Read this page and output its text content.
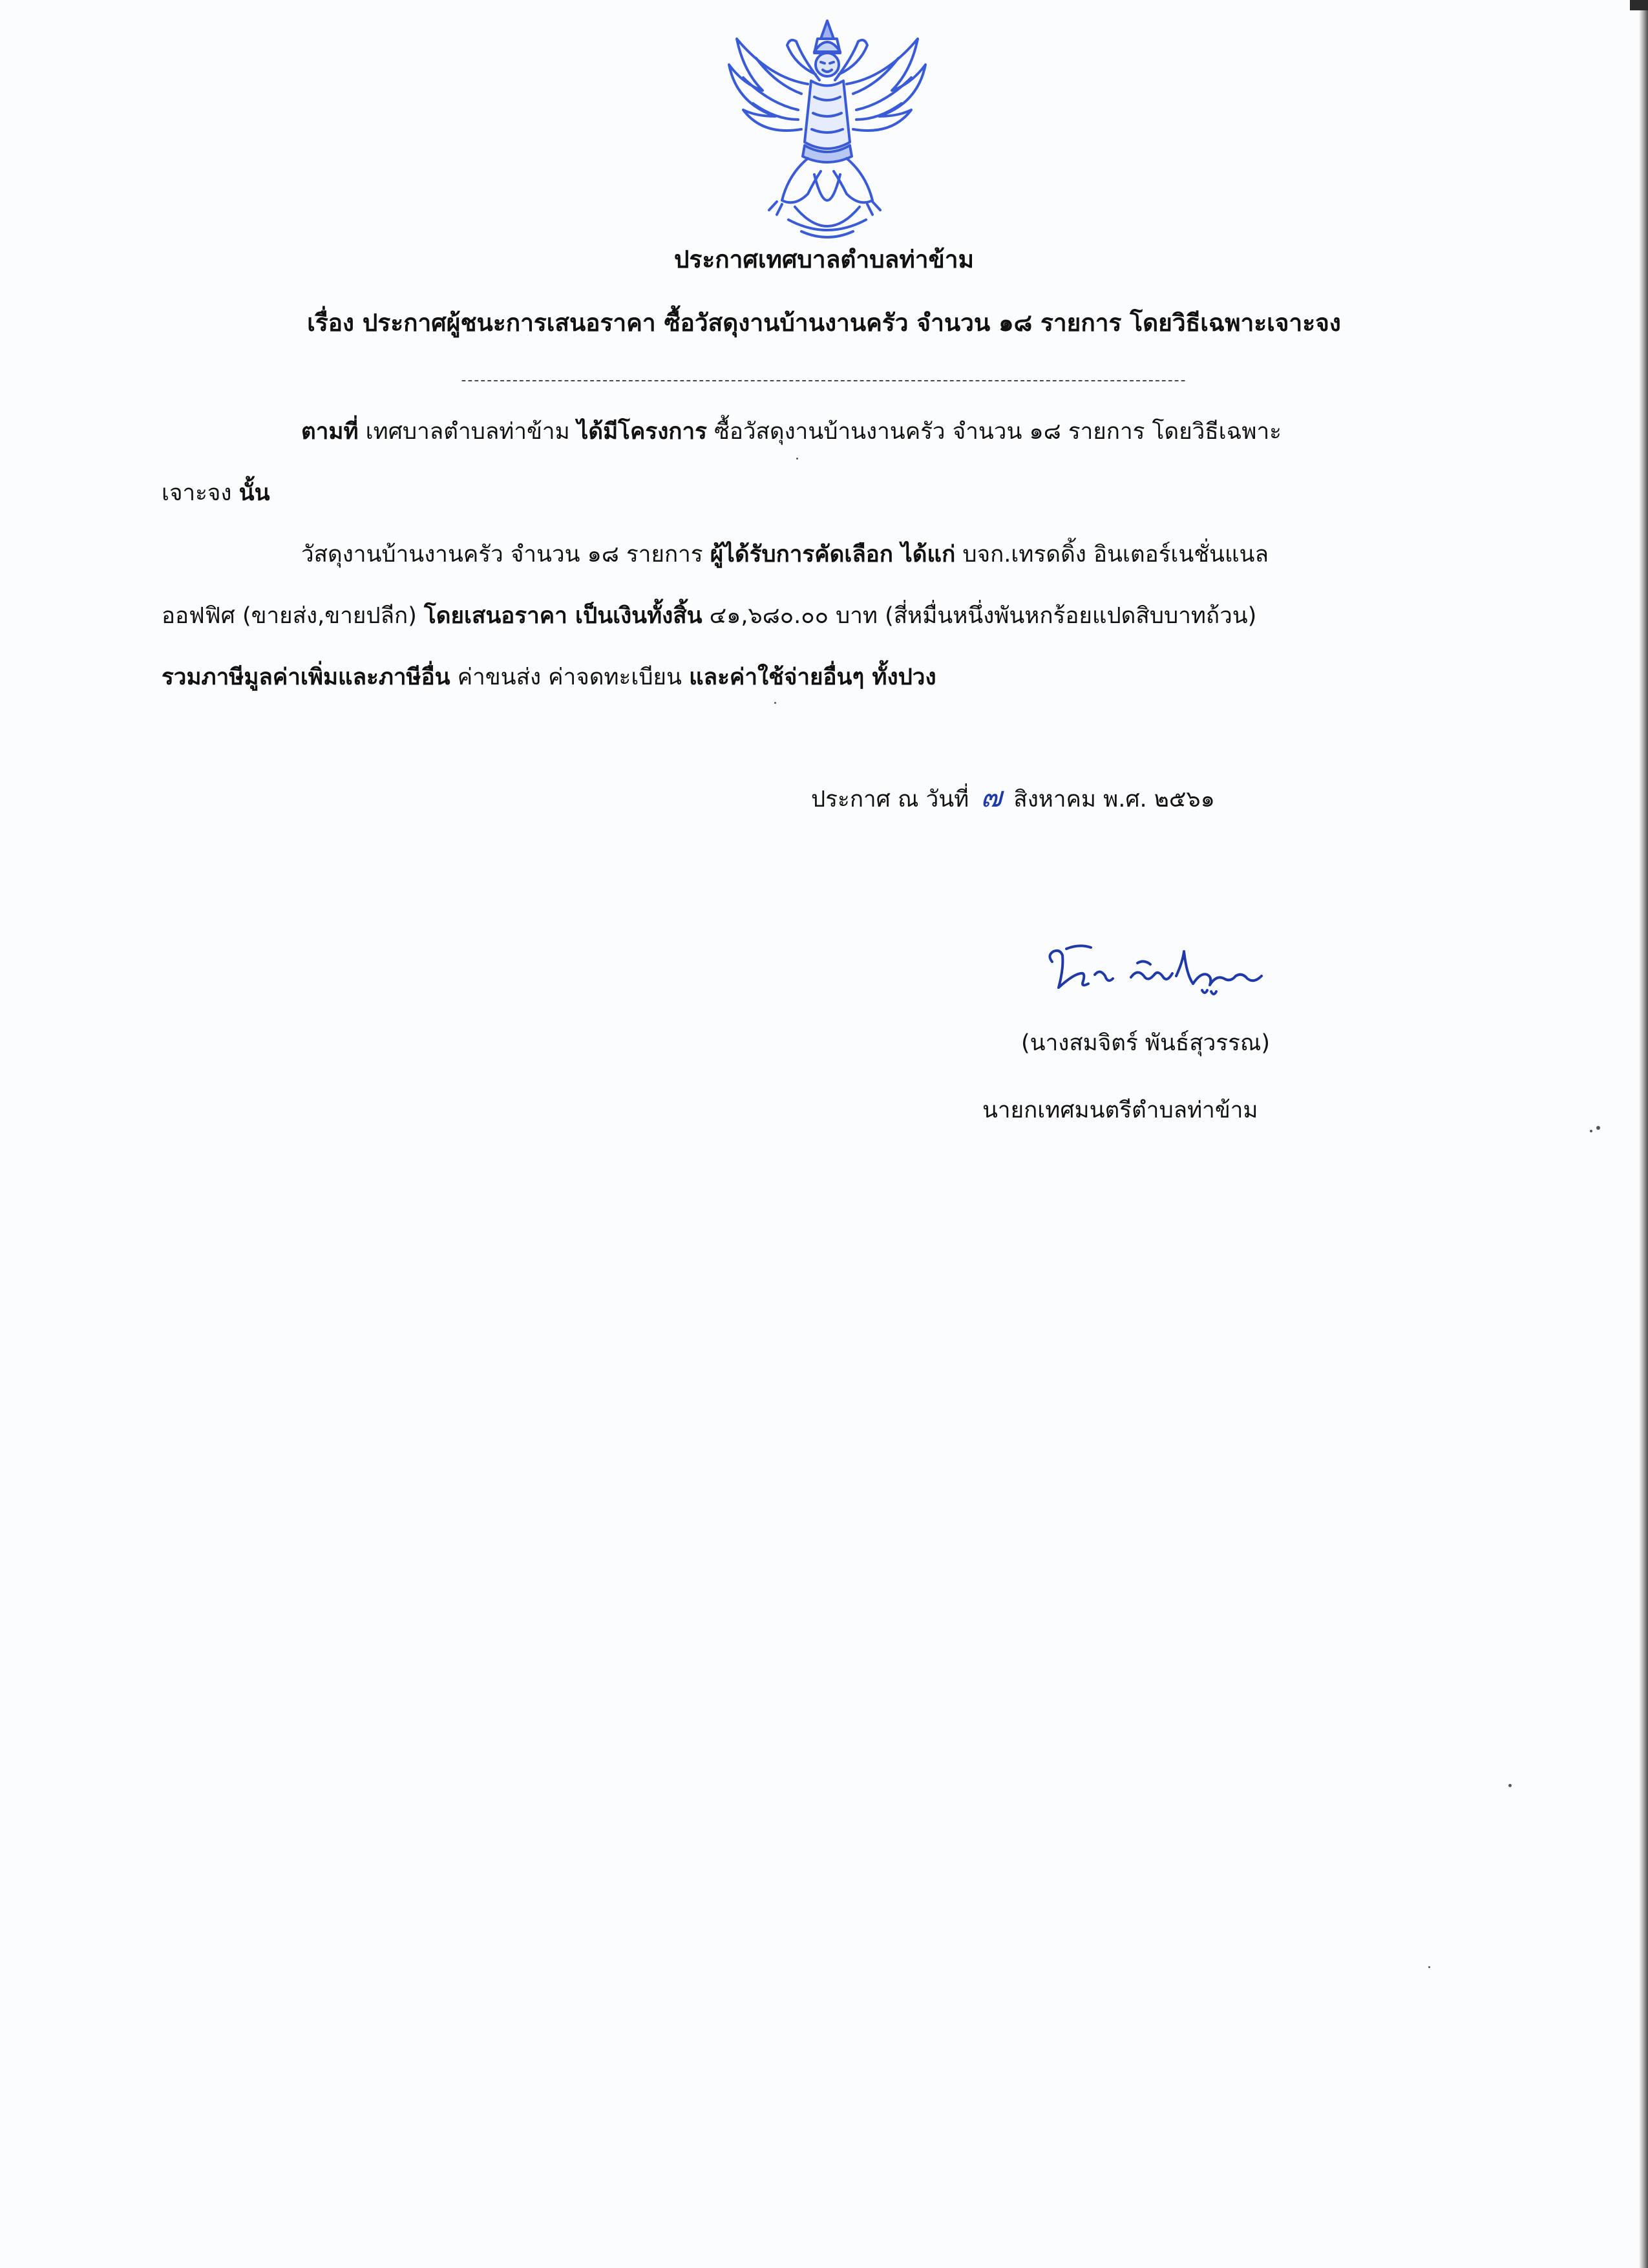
ประกาศเทศบาลตำบลท่าข้าม
เรื่อง ประกาศผู้ชนะการเสนอราคา ซื้อวัสดุงานบ้านงานครัว จำนวน ๑๘ รายการ โดยวิธีเฉพาะเจาะจง
-----------------------------------------------------------------------------------------------------------------
ตามที่ เทศบาลตำบลท่าข้าม ได้มีโครงการ ซื้อวัสดุงานบ้านงานครัว จำนวน ๑๘ รายการ โดยวิธีเฉพาะ
เจาะจง นั้น
วัสดุงานบ้านงานครัว จำนวน ๑๘ รายการ ผู้ได้รับการคัดเลือก ได้แก่ บจก.เทรดดิ้ง อินเตอร์เนชั่นแนล
ออฟฟิศ (ขายส่ง,ขายปลีก) โดยเสนอราคา เป็นเงินทั้งสิ้น ๔๑,๖๘๐.๐๐ บาท (สี่หมื่นหนึ่งพันหกร้อยแปดสิบบาทถ้วน)
รวมภาษีมูลค่าเพิ่มและภาษีอื่น ค่าขนส่ง ค่าจดทะเบียน และค่าใช้จ่ายอื่นๆ ทั้งปวง
ประกาศ ณ วันที่ ๗ สิงหาคม พ.ศ. ๒๕๖๑
(นางสมจิตร์ พันธ์สุวรรณ)
นายกเทศมนตรีตำบลท่าข้าม
